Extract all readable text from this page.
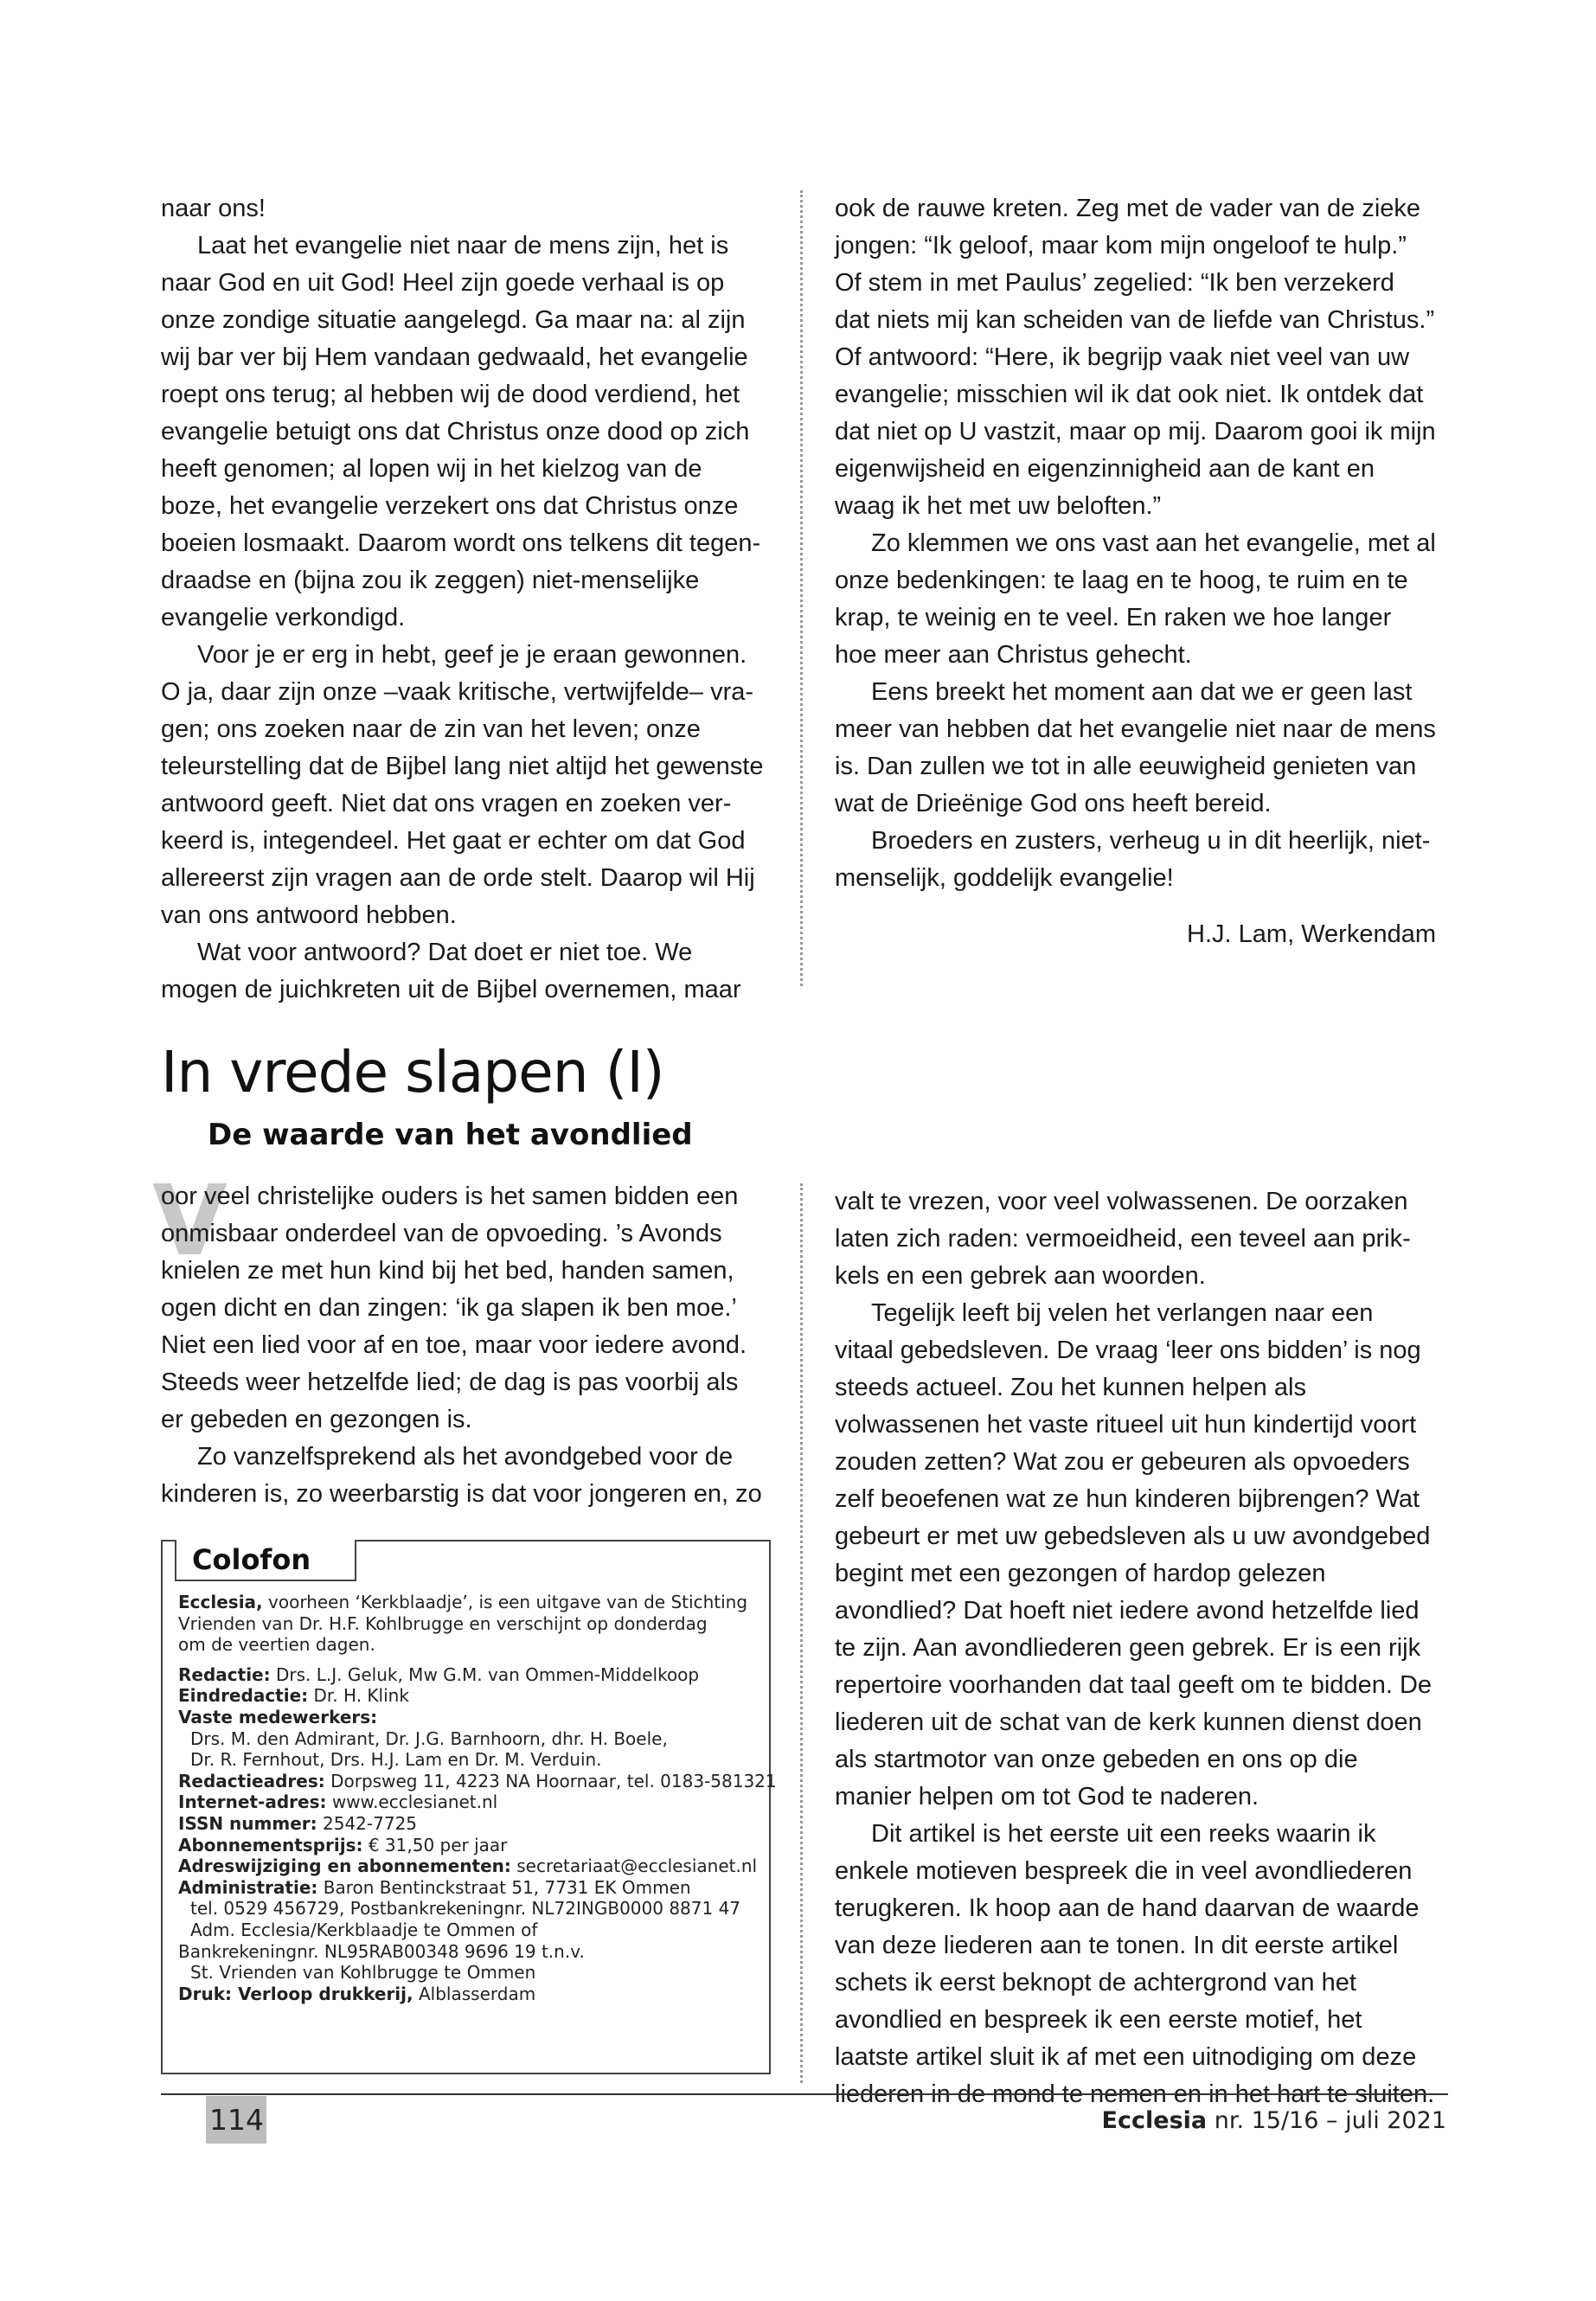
naar ons!

Laat het evangelie niet naar de mens zijn, het is naar God en uit God! Heel zijn goede verhaal is op onze zondige situatie aangelegd. Ga maar na: al zijn wij bar ver bij Hem vandaan gedwaald, het evangelie roept ons terug; al hebben wij de dood verdiend, het evangelie betuigt ons dat Christus onze dood op zich heeft genomen; al lopen wij in het kielzog van de boze, het evangelie verzekert ons dat Christus onze boeien losmaakt. Daarom wordt ons telkens dit tegendraadse en (bijna zou ik zeggen) niet-menselijke evangelie verkondigd.

Voor je er erg in hebt, geef je je eraan gewonnen. O ja, daar zijn onze –vaak kritische, vertwijfelde– vragen; ons zoeken naar de zin van het leven; onze teleurstelling dat de Bijbel lang niet altijd het gewenste antwoord geeft. Niet dat ons vragen en zoeken verkeerd is, integendeel. Het gaat er echter om dat God allereerst zijn vragen aan de orde stelt. Daarop wil Hij van ons antwoord hebben.

Wat voor antwoord? Dat doet er niet toe. We mogen de juichkreten uit de Bijbel overnemen, maar

ook de rauwe kreten. Zeg met de vader van de zieke jongen: “Ik geloof, maar kom mijn ongeloof te hulp.” Of stem in met Paulus’ zegelied: “Ik ben verzekerd dat niets mij kan scheiden van de liefde van Christus.” Of antwoord: “Here, ik begrijp vaak niet veel van uw evangelie; misschien wil ik dat ook niet. Ik ontdek dat dat niet op U vastzit, maar op mij. Daarom gooi ik mijn eigenwijsheid en eigenzinnigheid aan de kant en waag ik het met uw beloften.”

Zo klemmen we ons vast aan het evangelie, met al onze bedenkingen: te laag en te hoog, te ruim en te krap, te weinig en te veel. En raken we hoe langer hoe meer aan Christus gehecht.

Eens breekt het moment aan dat we er geen last meer van hebben dat het evangelie niet naar de mens is. Dan zullen we tot in alle eeuwigheid genieten van wat de Drieënige God ons heeft bereid.

Broeders en zusters, verheug u in dit heerlijk, niet-menselijk, goddelijk evangelie!

H.J. Lam, Werkendam

In vrede slapen (I)
De waarde van het avondlied

V
oor veel christelijke ouders is het samen bidden een onmisbaar onderdeel van de opvoeding. ’s Avonds knielen ze met hun kind bij het bed, handen samen, ogen dicht en dan zingen: ‘ik ga slapen ik ben moe.’ Niet een lied voor af en toe, maar voor iedere avond. Steeds weer hetzelfde lied; de dag is pas voorbij als er gebeden en gezongen is.

Zo vanzelfsprekend als het avondgebed voor de kinderen is, zo weerbarstig is dat voor jongeren en, zo

Colofon

Ecclesia, voorheen ‘Kerkblaadje’, is een uitgave van de Stichting

Vrienden van Dr. H.F. Kohlbrugge en verschijnt op donderdag

om de veertien dagen.

Redactie: Drs. L.J. Geluk, Mw G.M. van Ommen-Middelkoop

Eindredactie: Dr. H. Klink

Vaste medewerkers:

Drs. M. den Admirant, Dr. J.G. Barnhoorn, dhr. H. Boele,

Dr. R. Fernhout, Drs. H.J. Lam en Dr. M. Verduin.

Redactieadres: Dorpsweg 11, 4223 NA Hoornaar, tel. 0183-581321

Internet-adres: www.ecclesianet.nl

ISSN nummer: 2542-7725

Abonnementsprijs: € 31,50 per jaar

Adreswijziging en abonnementen: secretariaat@ecclesianet.nl

Administratie: Baron Bentinckstraat 51, 7731 EK Ommen

tel. 0529 456729, Postbankrekeningnr. NL72INGB0000 8871 47

Adm. Ecclesia/Kerkblaadje te Ommen of

Bankrekeningnr. NL95RAB00348 9696 19 t.n.v.

St. Vrienden van Kohlbrugge te Ommen

Druk: Verloop drukkerij, Alblasserdam

valt te vrezen, voor veel volwassenen. De oorzaken laten zich raden: vermoeidheid, een teveel aan prikkels en een gebrek aan woorden.

Tegelijk leeft bij velen het verlangen naar een vitaal gebedsleven. De vraag ‘leer ons bidden’ is nog steeds actueel. Zou het kunnen helpen als volwassenen het vaste ritueel uit hun kindertijd voort zouden zetten? Wat zou er gebeuren als opvoeders zelf beoefenen wat ze hun kinderen bijbrengen? Wat gebeurt er met uw gebedsleven als u uw avondgebed begint met een gezongen of hardop gelezen avondlied? Dat hoeft niet iedere avond hetzelfde lied te zijn. Aan avondliederen geen gebrek. Er is een rijk repertoire voorhanden dat taal geeft om te bidden. De liederen uit de schat van de kerk kunnen dienst doen als startmotor van onze gebeden en ons op die manier helpen om tot God te naderen.

Dit artikel is het eerste uit een reeks waarin ik enkele motieven bespreek die in veel avondliederen terugkeren. Ik hoop aan de hand daarvan de waarde van deze liederen aan te tonen. In dit eerste artikel schets ik eerst beknopt de achtergrond van het avondlied en bespreek ik een eerste motief, het laatste artikel sluit ik af met een uitnodiging om deze liederen in de mond te nemen en in het hart te sluiten.

114	Ecclesia nr. 15/16 – juli 2021
